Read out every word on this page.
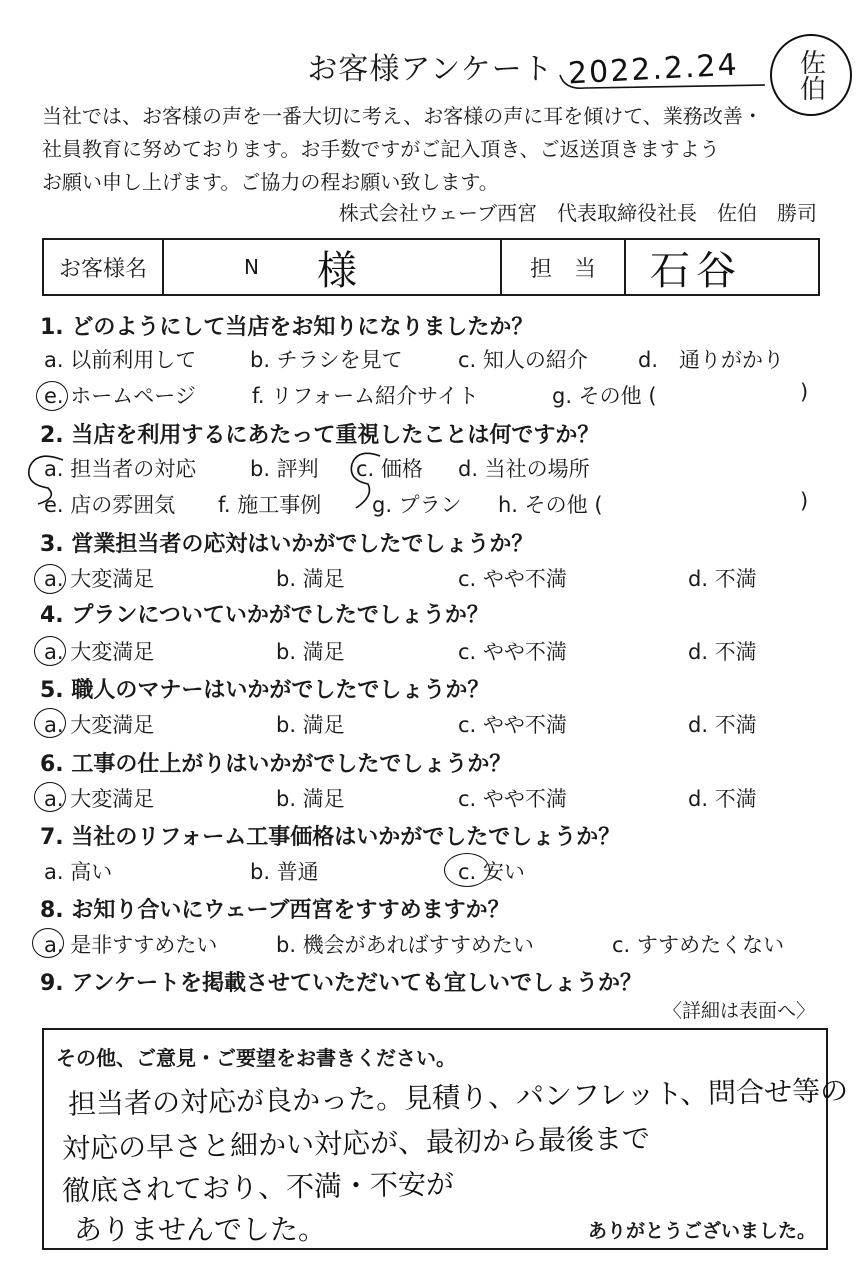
お客様アンケート 2022.2.24 佐伯
当社では、お客様の声を一番大切に考え、お客様の声に耳を傾けて、業務改善・
社員教育に努めております。お手数ですがご記入頂き、ご返送頂きますよう
お願い申し上げます。ご協力の程お願い致します。
株式会社ウェーブ西宮　代表取締役社長　佐伯　勝司
お客様名	N 様	担　当	石谷
1. どのようにして当店をお知りになりましたか？
a. 以前利用して	b. チラシを見て	c. 知人の紹介 d.　通りがかり
e. ホームページ	f. リフォーム紹介サイト	g. その他 (	)
2. 当店を利用するにあたって重視したことは何ですか？
a. 担当者の対応	b. 評判 c. 価格 d. 当社の場所
e. 店の雰囲気 f. 施工事例 g. プラン h. その他 (	)
3. 営業担当者の応対はいかがでしたでしょうか？
a. 大変満足	b. 満足	c. やや不満	d. 不満
4. プランについていかがでしたでしょうか？
a. 大変満足	b. 満足	c. やや不満	d. 不満
5. 職人のマナーはいかがでしたでしょうか？
a. 大変満足	b. 満足	c. やや不満	d. 不満
6. 工事の仕上がりはいかがでしたでしょうか？
a. 大変満足	b. 満足	c. やや不満	d. 不満
7. 当社のリフォーム工事価格はいかがでしたでしょうか？
a. 高い	b. 普通	c. 安い
8. お知り合いにウェーブ西宮をすすめますか？
a. 是非すすめたい	b. 機会があればすすめたい	c. すすめたくない
9. アンケートを掲載させていただいても宜しいでしょうか？
〈詳細は表面へ〉
その他、ご意見・ご要望をお書きください。
担当者の対応が良かった。見積り、パンフレット、問合せ等の
対応の早さと細かい対応が、最初から最後まで
徹底されており、不満・不安が
ありませんでした。	ありがとうございました。
